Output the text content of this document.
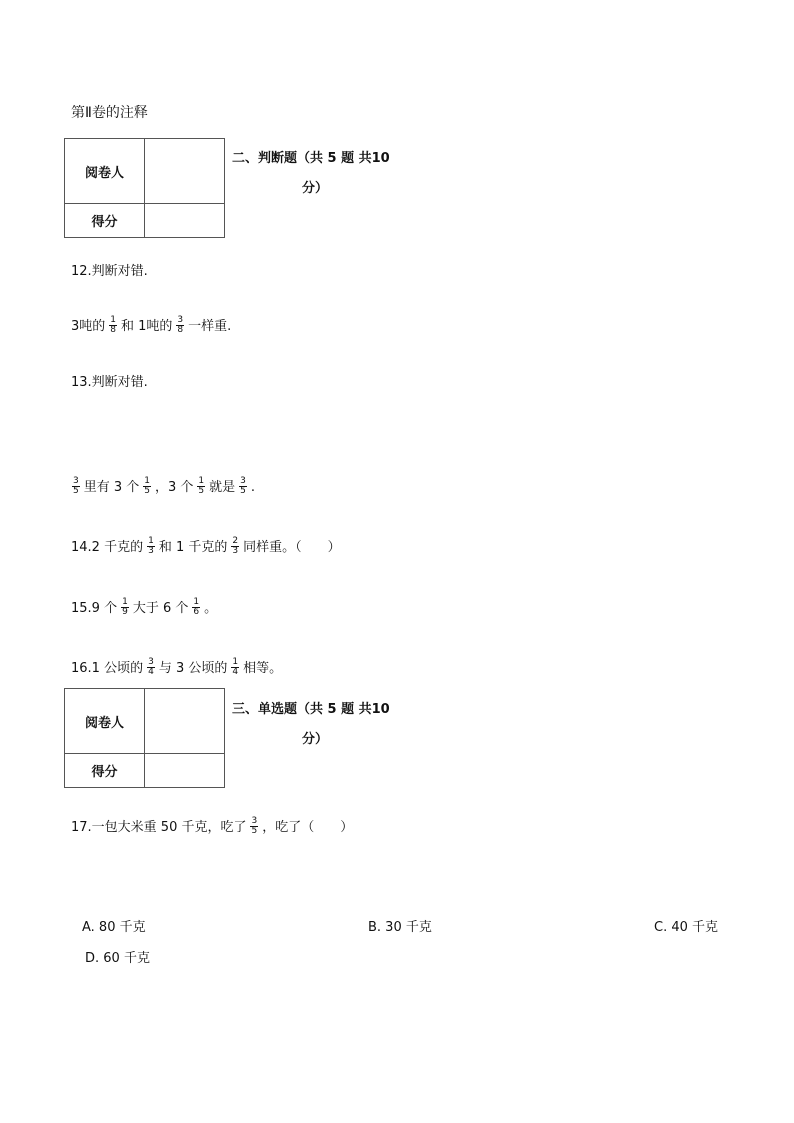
第Ⅱ卷的注释
阅卷人	
得分	
二、判断题（共 5 题 共10
分）
12.判断对错.
3吨的 $\frac{1}{8}$ 和 1吨的 $\frac{3}{8}$ 一样重.
13.判断对错.
$\frac{3}{5}$ 里有 3 个 $\frac{1}{5}$ ，3 个 $\frac{1}{5}$ 就是 $\frac{3}{5}$ .
14.2 千克的 $\frac{1}{3}$ 和 1 千克的 $\frac{2}{3}$ 同样重。（　　）
15.9 个 $\frac{1}{9}$ 大于 6 个 $\frac{1}{6}$ 。
16.1 公顷的 $\frac{3}{4}$ 与 3 公顷的 $\frac{1}{4}$ 相等。
阅卷人	
得分	
三、单选题（共 5 题 共10
分）
17.一包大米重 50 千克，吃了 $\frac{3}{5}$ ，吃了（　　）
A. 80 千克	B. 30 千克	C. 40 千克
D. 60 千克
